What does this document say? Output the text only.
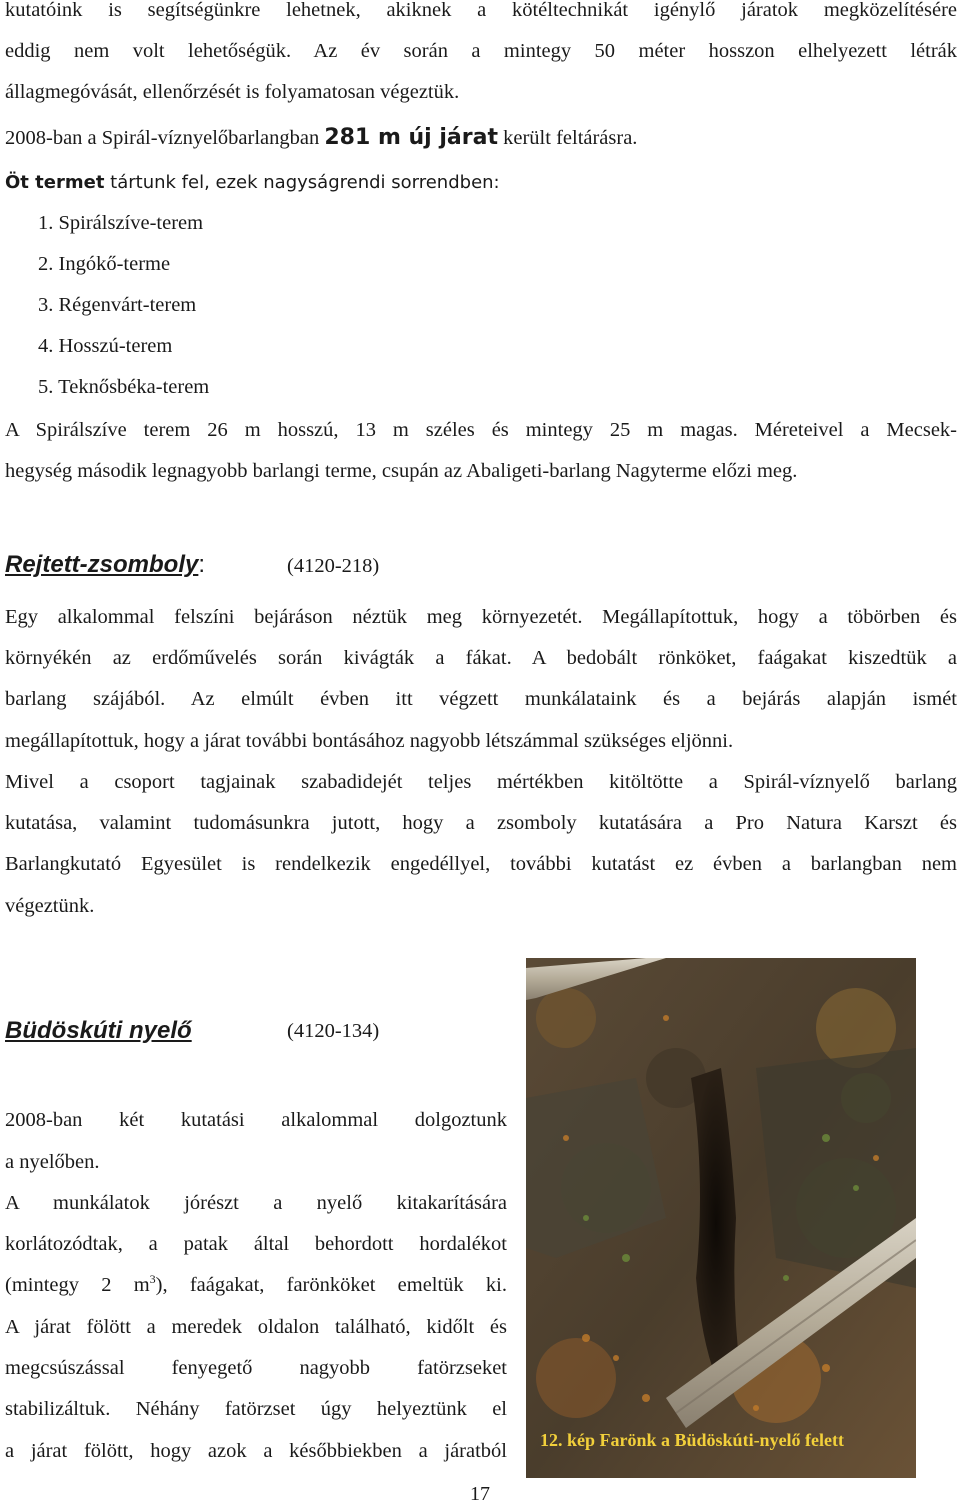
kutatóink is segítségünkre lehetnek, akiknek a kötéltechnikát igénylő járatok megközelítésére
eddig nem volt lehetőségük. Az év során a mintegy 50 méter hosszon elhelyezett létrák
állagmegóvását, ellenőrzését is folyamatosan végeztük.
2008-ban a Spirál-víznyelőbarlangban 281 m új járat került feltárásra.
Öt termet tártunk fel, ezek nagyságrendi sorrendben:
1. Spirálszíve-terem
2. Ingókő-terme
3. Régenvárt-terem
4. Hosszú-terem
5. Teknősbéka-terem
A Spirálszíve terem 26 m hosszú, 13 m széles és mintegy 25 m magas. Méreteivel a Mecsek-
hegység második legnagyobb barlangi terme, csupán az Abaligeti-barlang Nagyterme előzi meg.
Rejtett-zsomboly:	(4120-218)
Egy alkalommal felszíni bejáráson néztük meg környezetét. Megállapítottuk, hogy a töbörben és
környékén az erdőművelés során kivágták a fákat. A bedobált rönköket, faágakat kiszedtük a
barlang szájából. Az elmúlt évben itt végzett munkálataink és a bejárás alapján ismét
megállapítottuk, hogy a járat további bontásához nagyobb létszámmal szükséges eljönni.
Mivel a csoport tagjainak szabadidejét teljes mértékben kitöltötte a Spirál-víznyelő barlang
kutatása, valamint tudomásunkra jutott, hogy a zsomboly kutatására a Pro Natura Karszt és
Barlangkutató Egyesület is rendelkezik engedéllyel, további kutatást ez évben a barlangban nem
végeztünk.
Büdöskúti nyelő	(4120-134)
2008-ban két kutatási alkalommal dolgoztunk
a nyelőben.
A munkálatok jórészt a nyelő kitakarítására
korlátozódtak, a patak által behordott hordalékot
(mintegy 2 $m^3$), faágakat, farönköket emeltük ki.
A járat fölött a meredek oldalon található, kidőlt és
megcsúszással fenyegető nagyobb fatörzseket
stabilizáltuk. Néhány fatörzset úgy helyeztünk el
a járat fölött, hogy azok a későbbiekben a járatból 12. kép Farönk a Büdöskúti-nyelő felett
17
